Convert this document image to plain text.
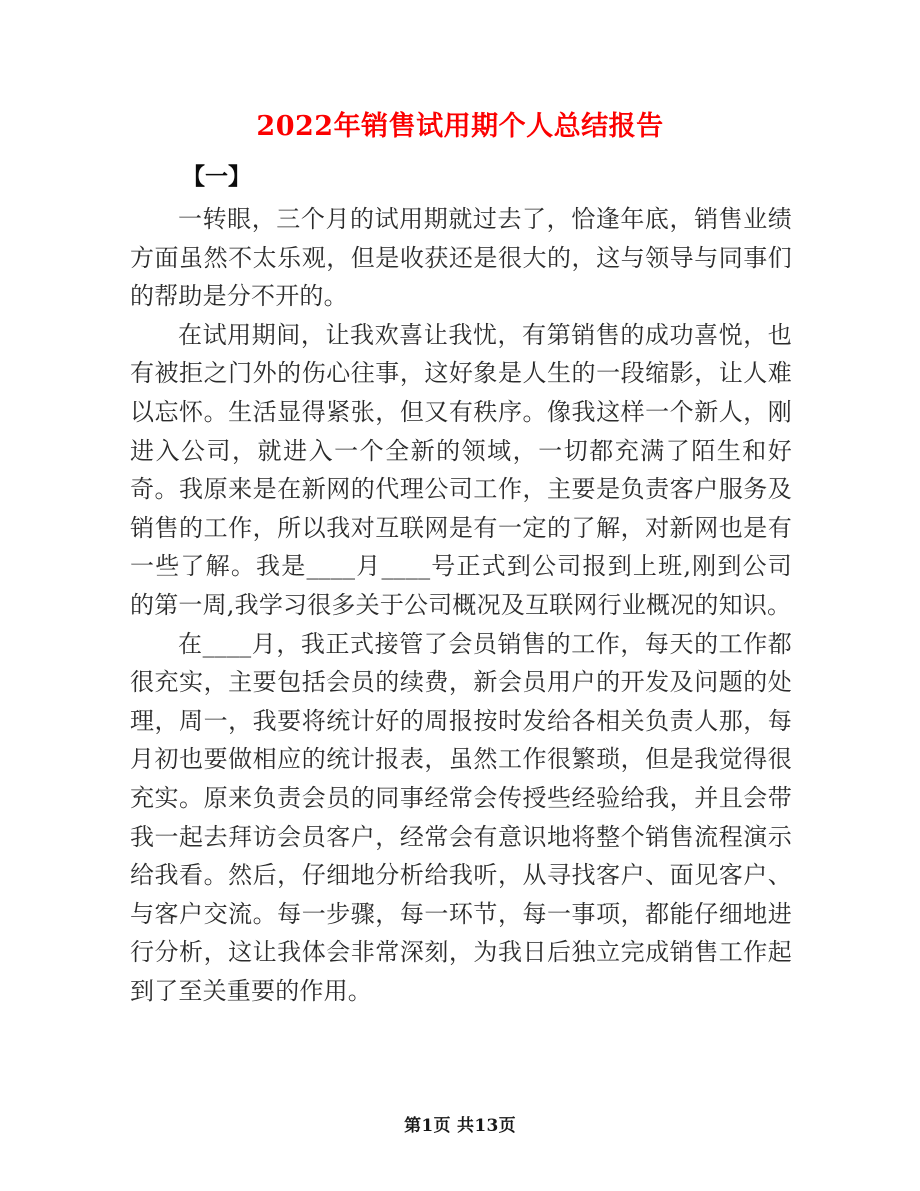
2022年销售试用期个人总结报告
【一】

一转眼，三个月的试用期就过去了，恰逢年底，销售业绩方面虽然不太乐观，但是收获还是很大的，这与领导与同事们的帮助是分不开的。

在试用期间，让我欢喜让我忧，有第销售的成功喜悦，也有被拒之门外的伤心往事，这好象是人生的一段缩影，让人难以忘怀。生活显得紧张，但又有秩序。像我这样一个新人，刚进入公司，就进入一个全新的领域，一切都充满了陌生和好奇。我原来是在新网的代理公司工作，主要是负责客户服务及销售的工作，所以我对互联网是有一定的了解，对新网也是有一些了解。我是____月____号正式到公司报到上班,刚到公司的第一周,我学习很多关于公司概况及互联网行业概况的知识。

在____月，我正式接管了会员销售的工作，每天的工作都很充实，主要包括会员的续费，新会员用户的开发及问题的处理，周一，我要将统计好的周报按时发给各相关负责人那，每月初也要做相应的统计报表，虽然工作很繁琐，但是我觉得很充实。原来负责会员的同事经常会传授些经验给我，并且会带我一起去拜访会员客户，经常会有意识地将整个销售流程演示给我看。然后，仔细地分析给我听，从寻找客户、面见客户、与客户交流。每一步骤，每一环节，每一事项，都能仔细地进行分析，这让我体会非常深刻，为我日后独立完成销售工作起到了至关重要的作用。

第1页 共13页
